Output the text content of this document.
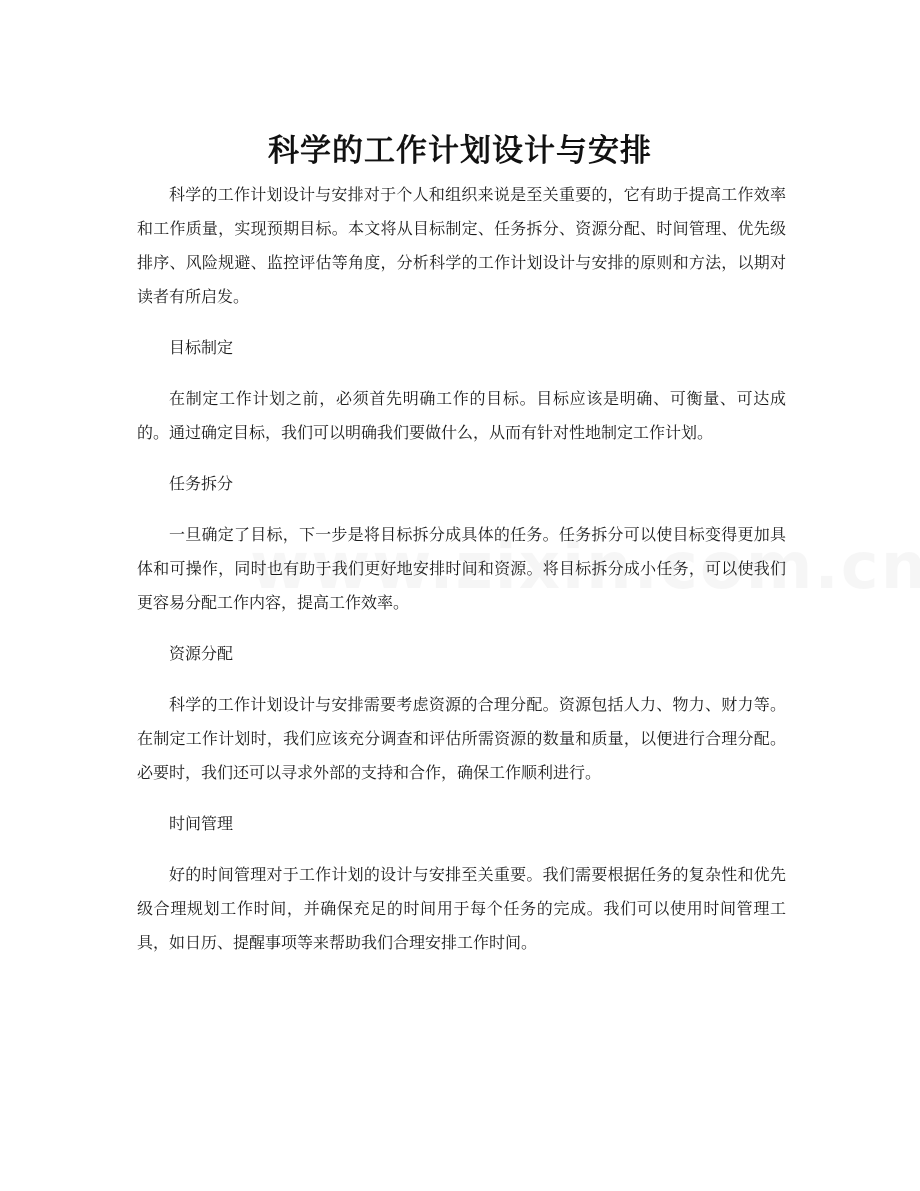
科学的工作计划设计与安排

科学的工作计划设计与安排对于个人和组织来说是至关重要的，它有助于提高工作效率和工作质量，实现预期目标。本文将从目标制定、任务拆分、资源分配、时间管理、优先级排序、风险规避、监控评估等角度，分析科学的工作计划设计与安排的原则和方法，以期对读者有所启发。

目标制定

在制定工作计划之前，必须首先明确工作的目标。目标应该是明确、可衡量、可达成的。通过确定目标，我们可以明确我们要做什么，从而有针对性地制定工作计划。

任务拆分

一旦确定了目标，下一步是将目标拆分成具体的任务。任务拆分可以使目标变得更加具体和可操作，同时也有助于我们更好地安排时间和资源。将目标拆分成小任务，可以使我们更容易分配工作内容，提高工作效率。

资源分配

科学的工作计划设计与安排需要考虑资源的合理分配。资源包括人力、物力、财力等。在制定工作计划时，我们应该充分调查和评估所需资源的数量和质量，以便进行合理分配。必要时，我们还可以寻求外部的支持和合作，确保工作顺利进行。

时间管理

好的时间管理对于工作计划的设计与安排至关重要。我们需要根据任务的复杂性和优先级合理规划工作时间，并确保充足的时间用于每个任务的完成。我们可以使用时间管理工具，如日历、提醒事项等来帮助我们合理安排工作时间。
